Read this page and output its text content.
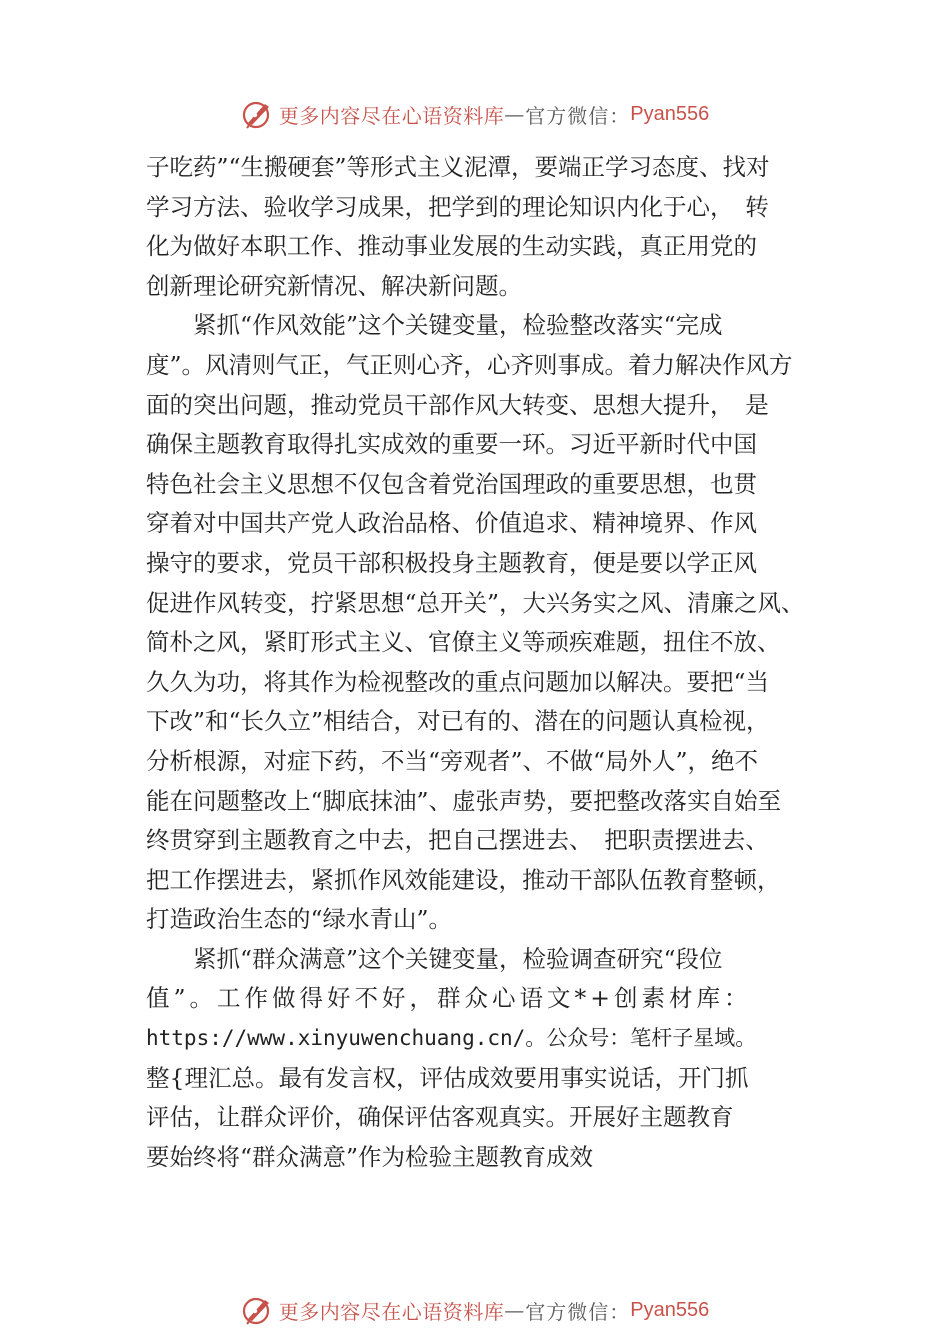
更多内容尽在心语资料库 — 官方微信： Pyan556
子吃药”“生搬硬套”等形式主义泥潭，要端正学习态度、找对
学习方法、验收学习成果，把学到的理论知识内化于心，　转
化为做好本职工作、推动事业发展的生动实践，真正用党的
创新理论研究新情况、解决新问题。
紧抓“作风效能”这个关键变量，检验整改落实“完成
度”。风清则气正，气正则心齐，心齐则事成。着力解决作风方
面的突出问题，推动党员干部作风大转变、思想大提升，　是
确保主题教育取得扎实成效的重要一环。习近平新时代中国
特色社会主义思想不仅包含着党治国理政的重要思想，也贯
穿着对中国共产党人政治品格、价值追求、精神境界、作风
操守的要求，党员干部积极投身主题教育，便是要以学正风
促进作风转变，拧紧思想“总开关”，大兴务实之风、清廉之风、
简朴之风，紧盯形式主义、官僚主义等顽疾难题，扭住不放、
久久为功，将其作为检视整改的重点问题加以解决。要把“当
下改”和“长久立”相结合，对已有的、潜在的问题认真检视，
分析根源，对症下药，不当“旁观者”、不做“局外人”，绝不
能在问题整改上“脚底抹油”、虚张声势，要把整改落实自始至
终贯穿到主题教育之中去，把自己摆进去、　把职责摆进去、
把工作摆进去，紧抓作风效能建设，推动干部队伍教育整顿，
打造政治生态的“绿水青山”。
紧抓“群众满意”这个关键变量，检验调查研究“段位
值”。工作做得好不好，群众心语文*+创素材库：
https://www.xinyuwenchuang.cn/。公众号：笔杆子星域。
整{理汇总。最有发言权，评估成效要用事实说话，开门抓
评估，让群众评价，确保评估客观真实。开展好主题教育
要始终将“群众满意”作为检验主题教育成效
更多内容尽在心语资料库 — 官方微信： Pyan556
